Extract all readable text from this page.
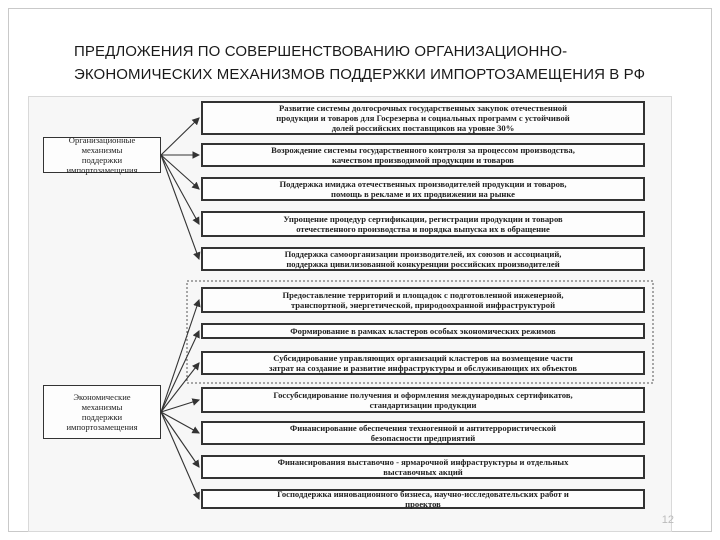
ПРЕДЛОЖЕНИЯ ПО СОВЕРШЕНСТВОВАНИЮ ОРГАНИЗАЦИОННО-
ЭКОНОМИЧЕСКИХ МЕХАНИЗМОВ ПОДДЕРЖКИ ИМПОРТОЗАМЕЩЕНИЯ В РФ
Организационные
механизмы
поддержки
импортозамещения
Экономические
механизмы
поддержки
импортозамещения
Развитие системы долгосрочных государственных закупок отечественной
продукции и товаров для Госрезерва и социальных программ с устойчивой
долей российских поставщиков на уровне 30%
Возрождение системы государственного контроля за процессом производства,
качеством производимой продукции и товаров
Поддержка имиджа отечественных производителей продукции и товаров,
помощь в рекламе и их продвижении на рынке
Упрощение процедур сертификации, регистрации продукции и товаров
отечественного производства и порядка выпуска их в обращение
Поддержка самоорганизации производителей, их союзов и ассоциаций,
поддержка цивилизованной конкуренции российских производителей
Предоставление территорий и площадок с подготовленной инженерной,
транспортной, энергетической, природоохранной инфраструктурой
Формирование в рамках кластеров особых экономических режимов
Субсидирование управляющих организаций кластеров на возмещение части
затрат на создание и развитие инфраструктуры и обслуживающих их объектов
Госсубсидирование получения и оформления международных сертификатов,
стандартизации продукции
Финансирование обеспечения техногенной и антитеррористической
безопасности предприятий
Финансирования выставочно - ярмарочной инфраструктуры и отдельных
выставочных акций
Господдержка инновационного бизнеса, научно-исследовательских работ и
проектов
12
